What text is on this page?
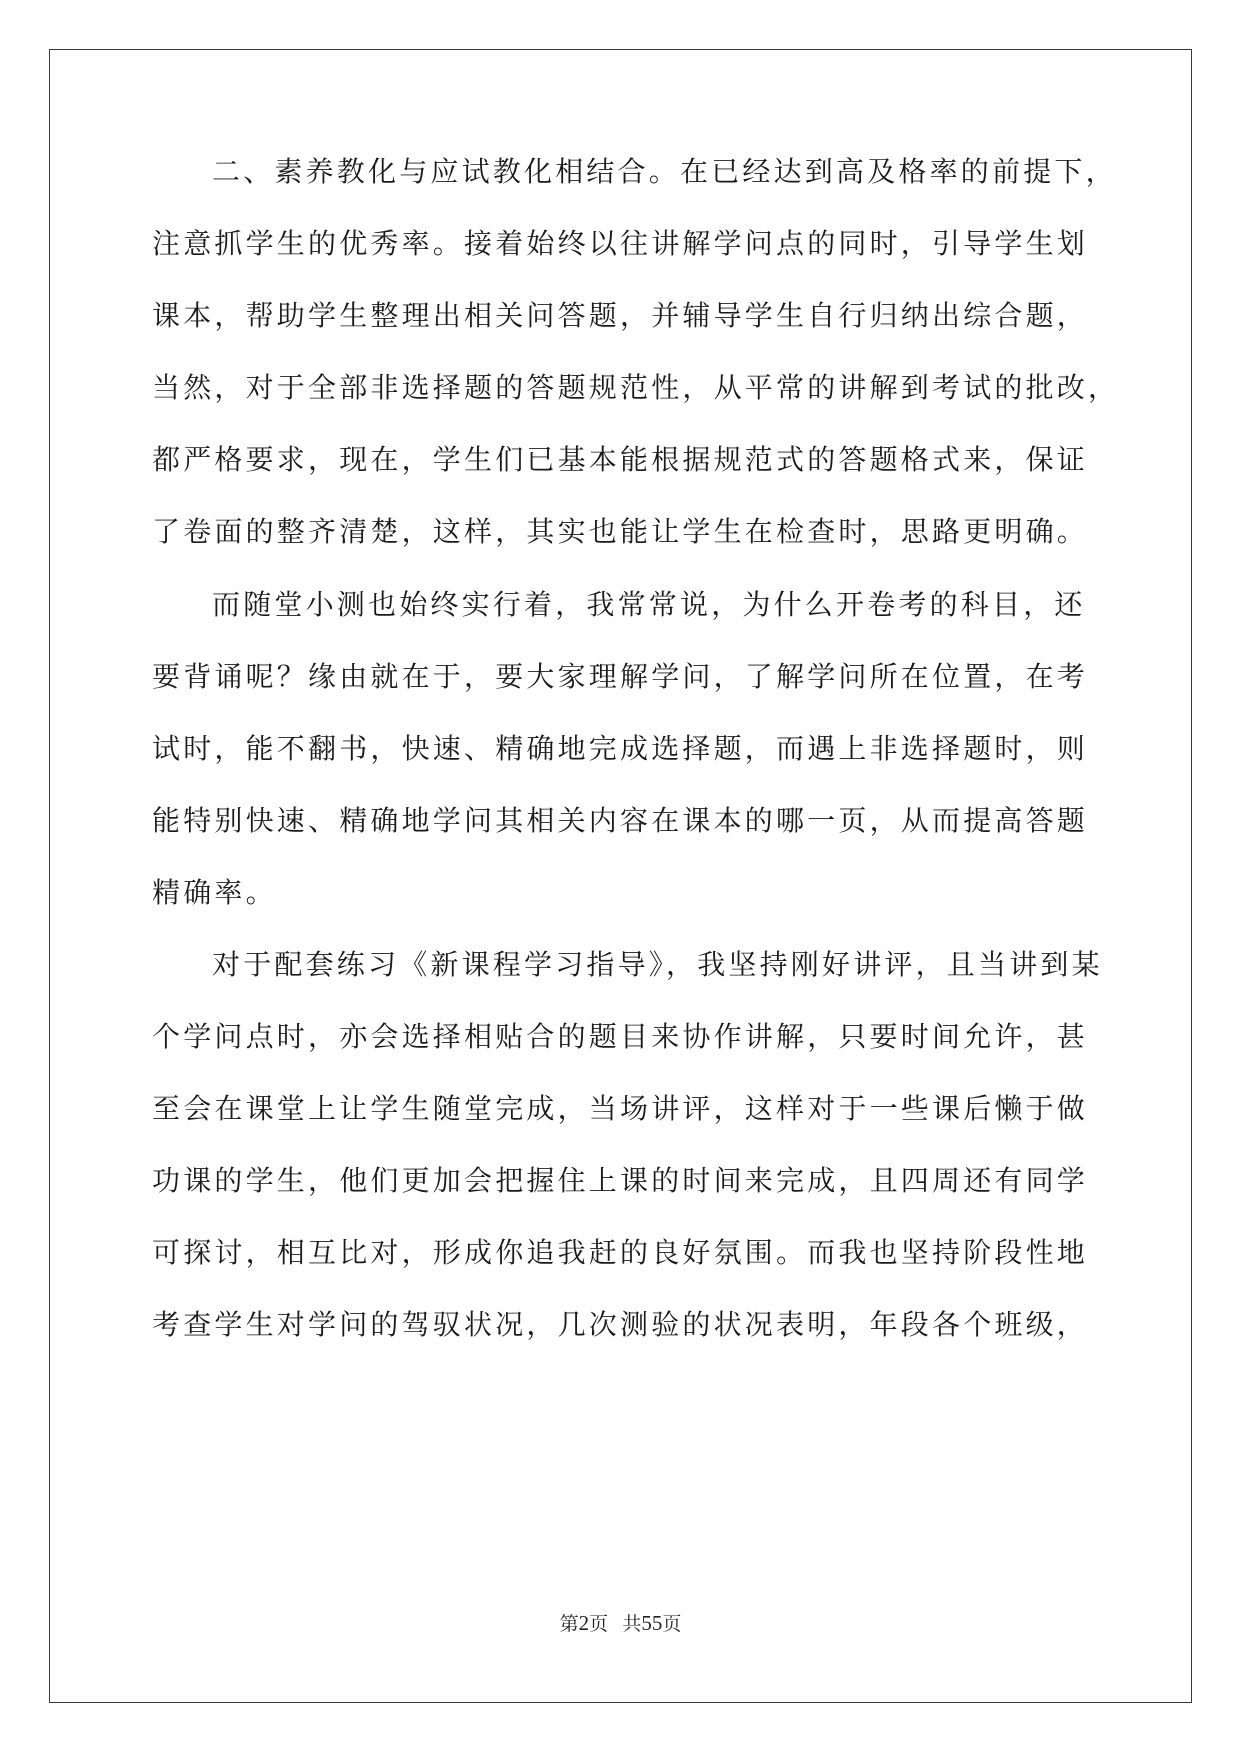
二、素养教化与应试教化相结合。在已经达到高及格率的前提下，
注意抓学生的优秀率。接着始终以往讲解学问点的同时，引导学生划
课本，帮助学生整理出相关问答题，并辅导学生自行归纳出综合题，
当然，对于全部非选择题的答题规范性，从平常的讲解到考试的批改，
都严格要求，现在，学生们已基本能根据规范式的答题格式来，保证
了卷面的整齐清楚，这样，其实也能让学生在检查时，思路更明确。
而随堂小测也始终实行着，我常常说，为什么开卷考的科目，还
要背诵呢？缘由就在于，要大家理解学问，了解学问所在位置，在考
试时，能不翻书，快速、精确地完成选择题，而遇上非选择题时，则
能特别快速、精确地学问其相关内容在课本的哪一页，从而提高答题
精确率。
对于配套练习《新课程学习指导》，我坚持刚好讲评，且当讲到某
个学问点时，亦会选择相贴合的题目来协作讲解，只要时间允许，甚
至会在课堂上让学生随堂完成，当场讲评，这样对于一些课后懒于做
功课的学生，他们更加会把握住上课的时间来完成，且四周还有同学
可探讨，相互比对，形成你追我赶的良好氛围。而我也坚持阶段性地
考查学生对学问的驾驭状况，几次测验的状况表明，年段各个班级，
第2页 共55页
